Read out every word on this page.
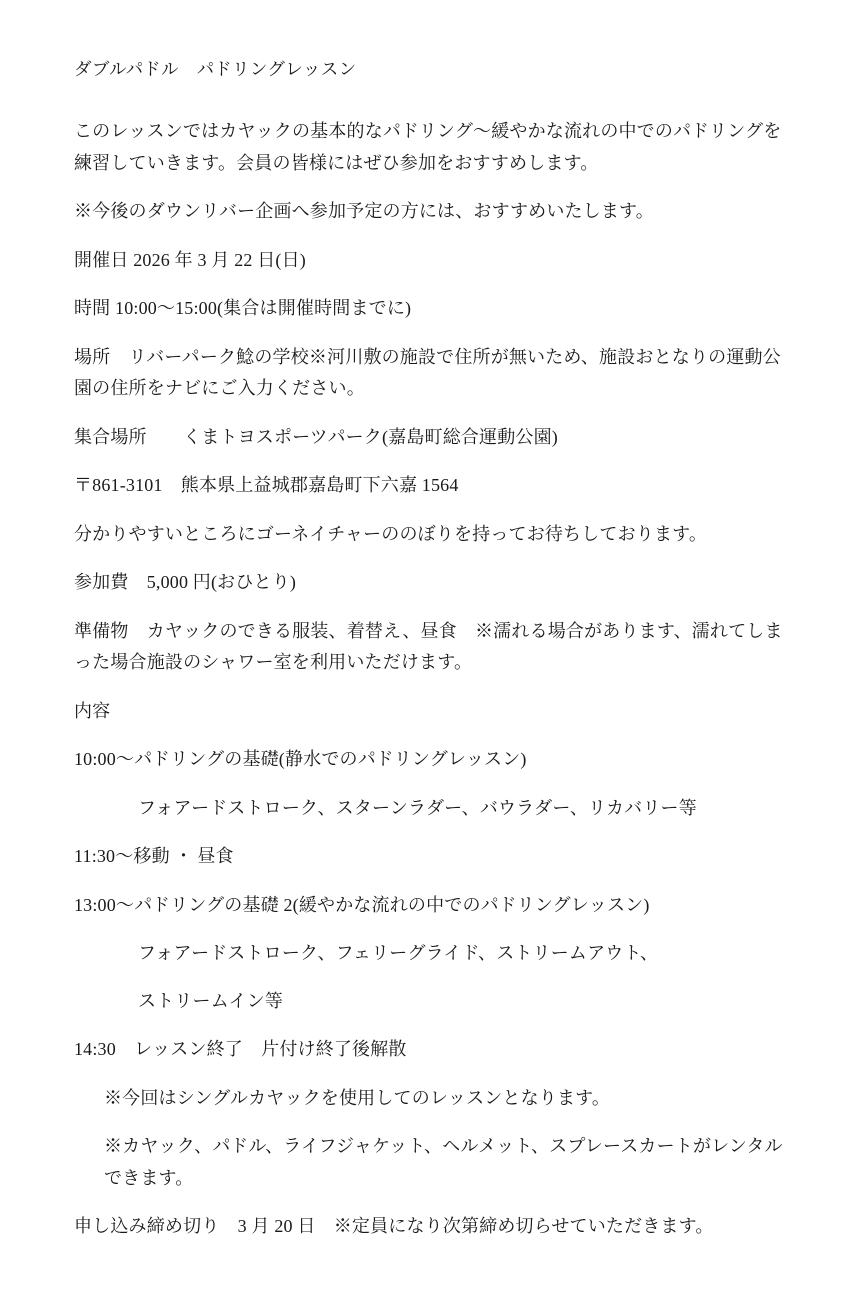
ダブルパドル　パドリングレッスン

このレッスンではカヤックの基本的なパドリング～緩やかな流れの中でのパドリングを練習していきます。会員の皆様にはぜひ参加をおすすめします。

※今後のダウンリバー企画へ参加予定の方には、おすすめいたします。

開催日 2026 年 3 月 22 日(日)

時間 10:00～15:00(集合は開催時間までに)

場所　リバーパーク鯰の学校※河川敷の施設で住所が無いため、施設おとなりの運動公園の住所をナビにご入力ください。

集合場所　　くまトヨスポーツパーク(嘉島町総合運動公園)

〒861-3101　熊本県上益城郡嘉島町下六嘉 1564

分かりやすいところにゴーネイチャーののぼりを持ってお待ちしております。

参加費　5,000 円(おひとり)

準備物　カヤックのできる服装、着替え、昼食　※濡れる場合があります、濡れてしまった場合施設のシャワー室を利用いただけます。

内容

10:00～パドリングの基礎(静水でのパドリングレッスン)

フォアードストローク、スターンラダー、バウラダー、リカバリー等

11:30～移動 ・ 昼食

13:00～パドリングの基礎 2(緩やかな流れの中でのパドリングレッスン)

フォアードストローク、フェリーグライド、ストリームアウト、

ストリームイン等

14:30　レッスン終了　片付け終了後解散

※今回はシングルカヤックを使用してのレッスンとなります。

※カヤック、パドル、ライフジャケット、ヘルメット、スプレースカートがレンタルできます。

申し込み締め切り　3 月 20 日　※定員になり次第締め切らせていただきます。
